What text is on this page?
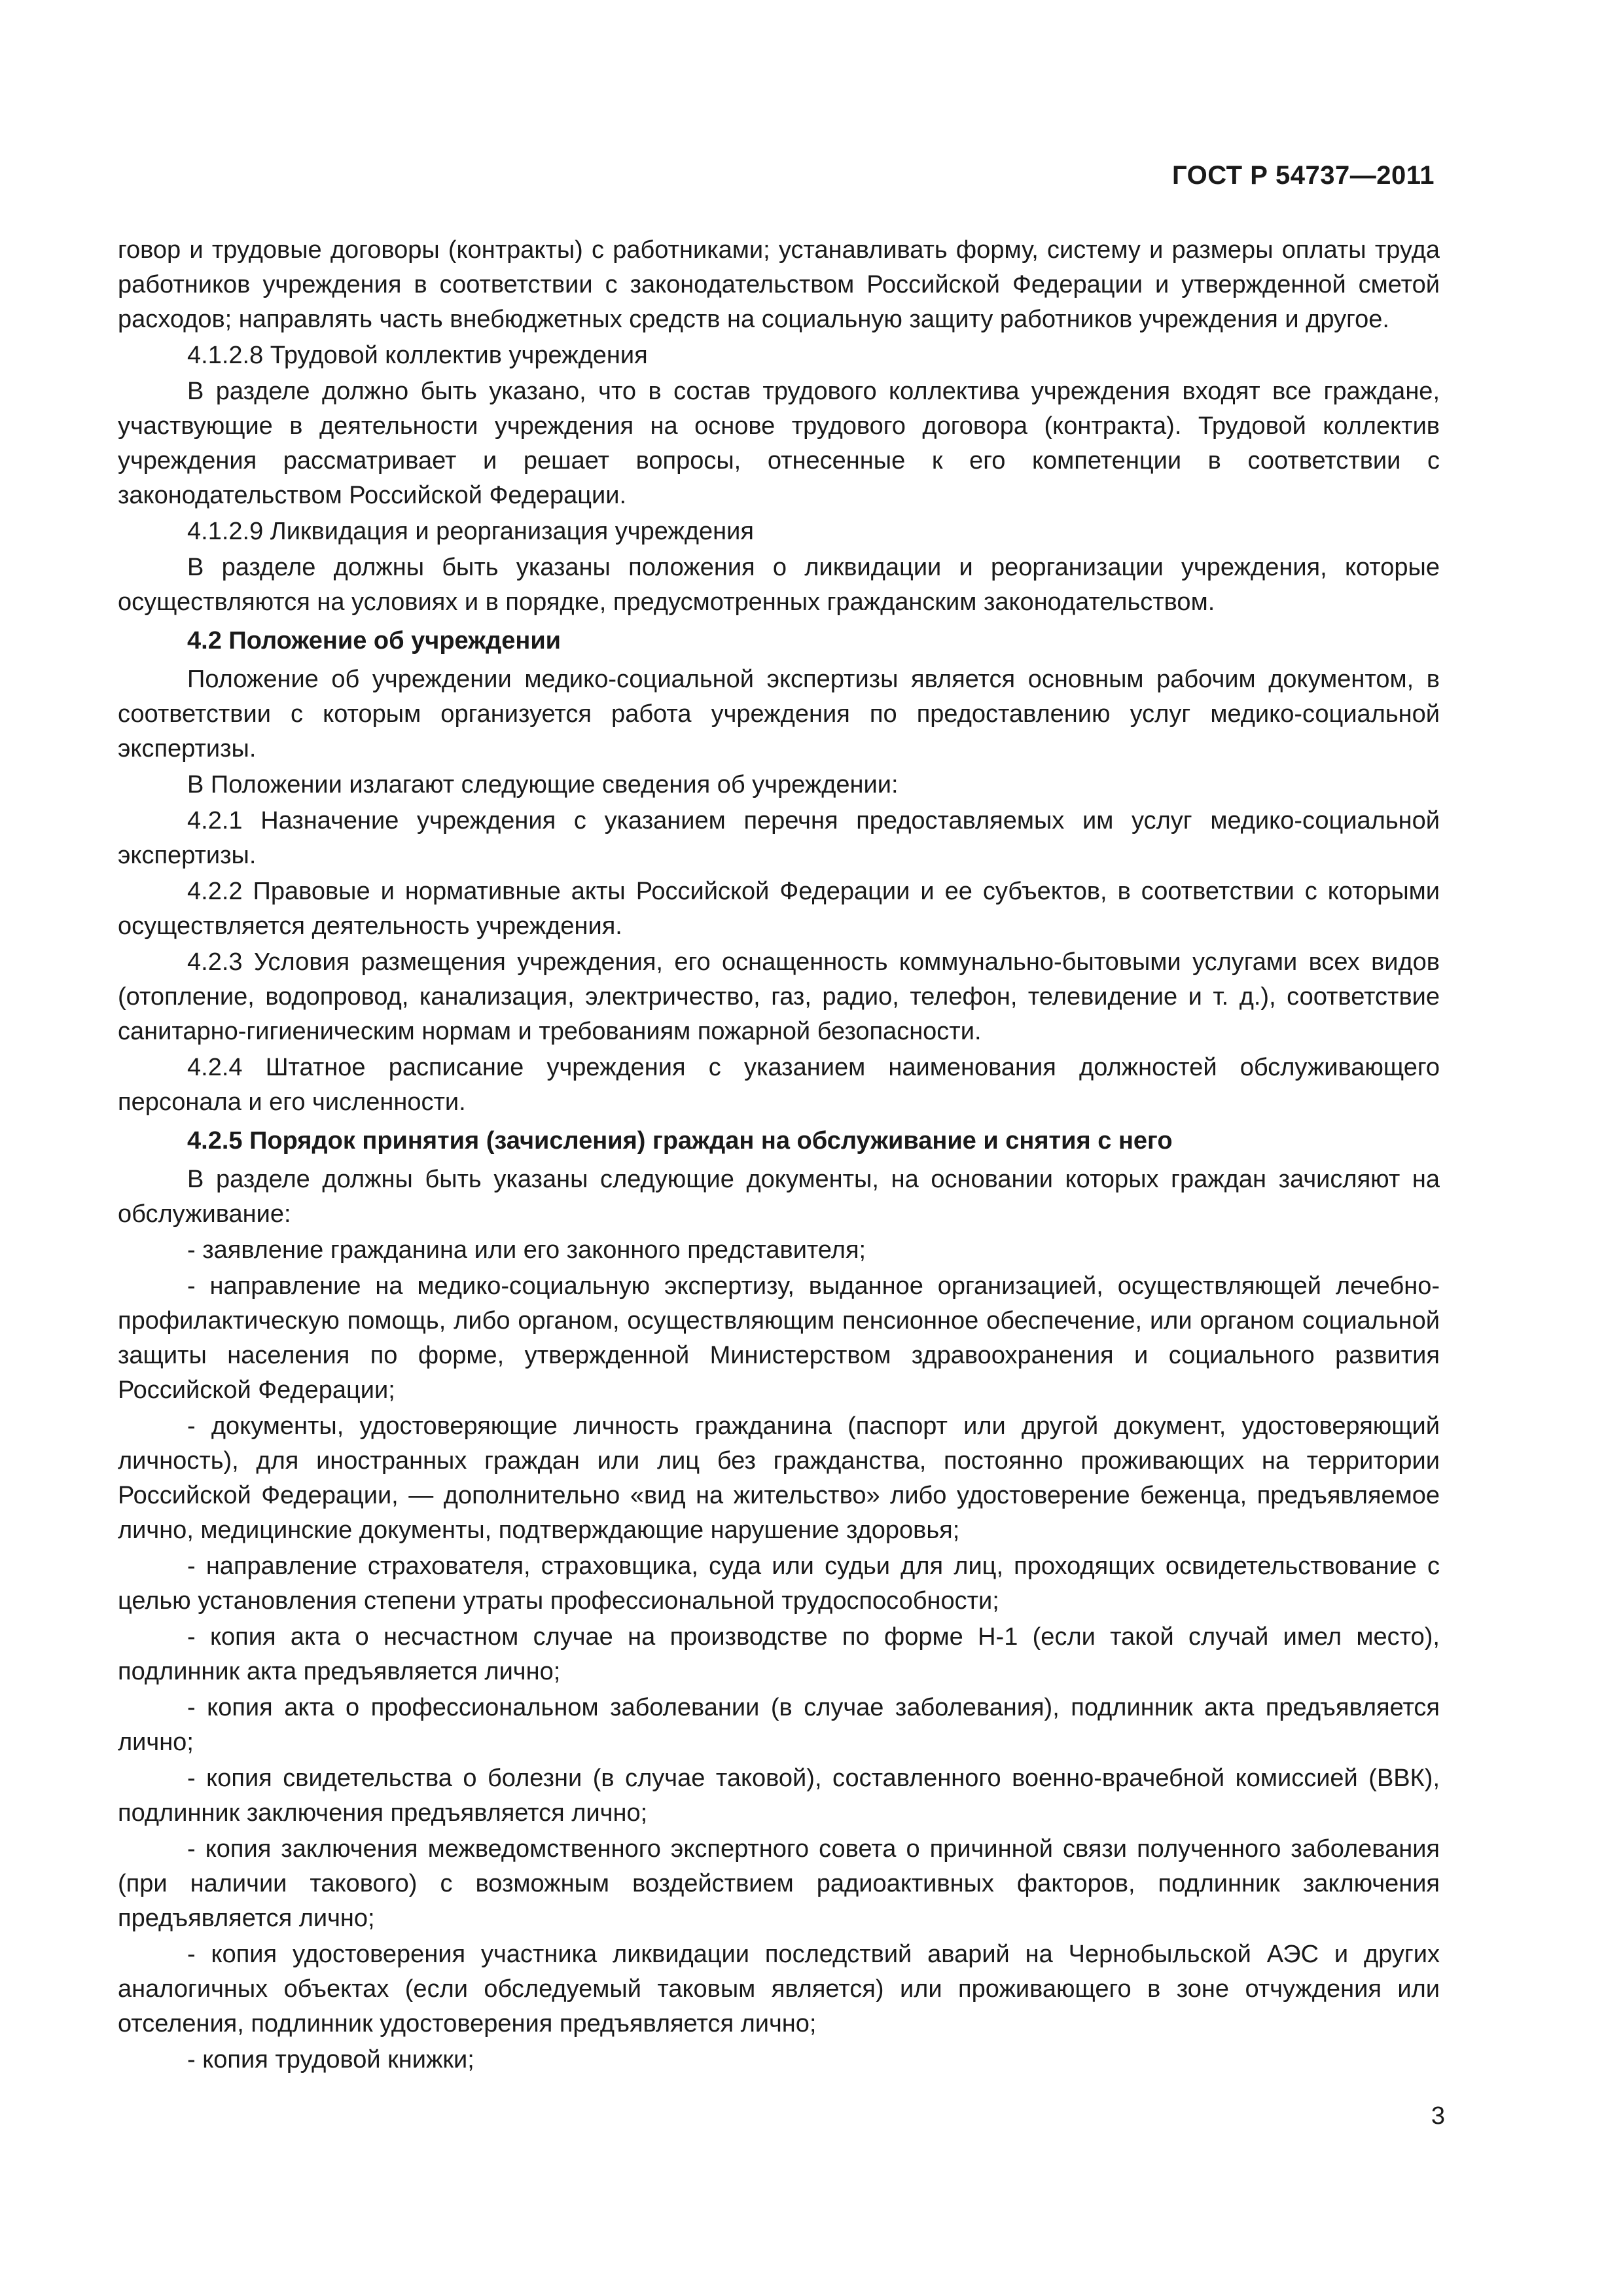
ГОСТ Р 54737—2011

говор и трудовые договоры (контракты) с работниками; устанавливать форму, систему и размеры оплаты труда работников учреждения в соответствии с законодательством Российской Федерации и утвержденной сметой расходов; направлять часть внебюджетных средств на социальную защиту работников учреждения и другое.

4.1.2.8 Трудовой коллектив учреждения

В разделе должно быть указано, что в состав трудового коллектива учреждения входят все граждане, участвующие в деятельности учреждения на основе трудового договора (контракта). Трудовой коллектив учреждения рассматривает и решает вопросы, отнесенные к его компетенции в соответствии с законодательством Российской Федерации.

4.1.2.9 Ликвидация и реорганизация учреждения

В разделе должны быть указаны положения о ликвидации и реорганизации учреждения, которые осуществляются на условиях и в порядке, предусмотренных гражданским законодательством.

4.2 Положение об учреждении

Положение об учреждении медико-социальной экспертизы является основным рабочим документом, в соответствии с которым организуется работа учреждения по предоставлению услуг медико-социальной экспертизы.

В Положении излагают следующие сведения об учреждении:

4.2.1 Назначение учреждения с указанием перечня предоставляемых им услуг медико-социальной экспертизы.

4.2.2 Правовые и нормативные акты Российской Федерации и ее субъектов, в соответствии с которыми осуществляется деятельность учреждения.

4.2.3 Условия размещения учреждения, его оснащенность коммунально-бытовыми услугами всех видов (отопление, водопровод, канализация, электричество, газ, радио, телефон, телевидение и т. д.), соответствие санитарно-гигиеническим нормам и требованиям пожарной безопасности.

4.2.4 Штатное расписание учреждения с указанием наименования должностей обслуживающего персонала и его численности.

4.2.5 Порядок принятия (зачисления) граждан на обслуживание и снятия с него

В разделе должны быть указаны следующие документы, на основании которых граждан зачисляют на обслуживание:

- заявление гражданина или его законного представителя;

- направление на медико-социальную экспертизу, выданное организацией, осуществляющей лечебно-профилактическую помощь, либо органом, осуществляющим пенсионное обеспечение, или органом социальной защиты населения по форме, утвержденной Министерством здравоохранения и социального развития Российской Федерации;

- документы, удостоверяющие личность гражданина (паспорт или другой документ, удостоверяющий личность), для иностранных граждан или лиц без гражданства, постоянно проживающих на территории Российской Федерации, — дополнительно «вид на жительство» либо удостоверение беженца, предъявляемое лично, медицинские документы, подтверждающие нарушение здоровья;

- направление страхователя, страховщика, суда или судьи для лиц, проходящих освидетельствование с целью установления степени утраты профессиональной трудоспособности;

- копия акта о несчастном случае на производстве по форме Н-1 (если такой случай имел место), подлинник акта предъявляется лично;

- копия акта о профессиональном заболевании (в случае заболевания), подлинник акта предъявляется лично;

- копия свидетельства о болезни (в случае таковой), составленного военно-врачебной комиссией (ВВК), подлинник заключения предъявляется лично;

- копия заключения межведомственного экспертного совета о причинной связи полученного заболевания (при наличии такового) с возможным воздействием радиоактивных факторов, подлинник заключения предъявляется лично;

- копия удостоверения участника ликвидации последствий аварий на Чернобыльской АЭС и других аналогичных объектах (если обследуемый таковым является) или проживающего в зоне отчуждения или отселения, подлинник удостоверения предъявляется лично;

- копия трудовой книжки;

3
